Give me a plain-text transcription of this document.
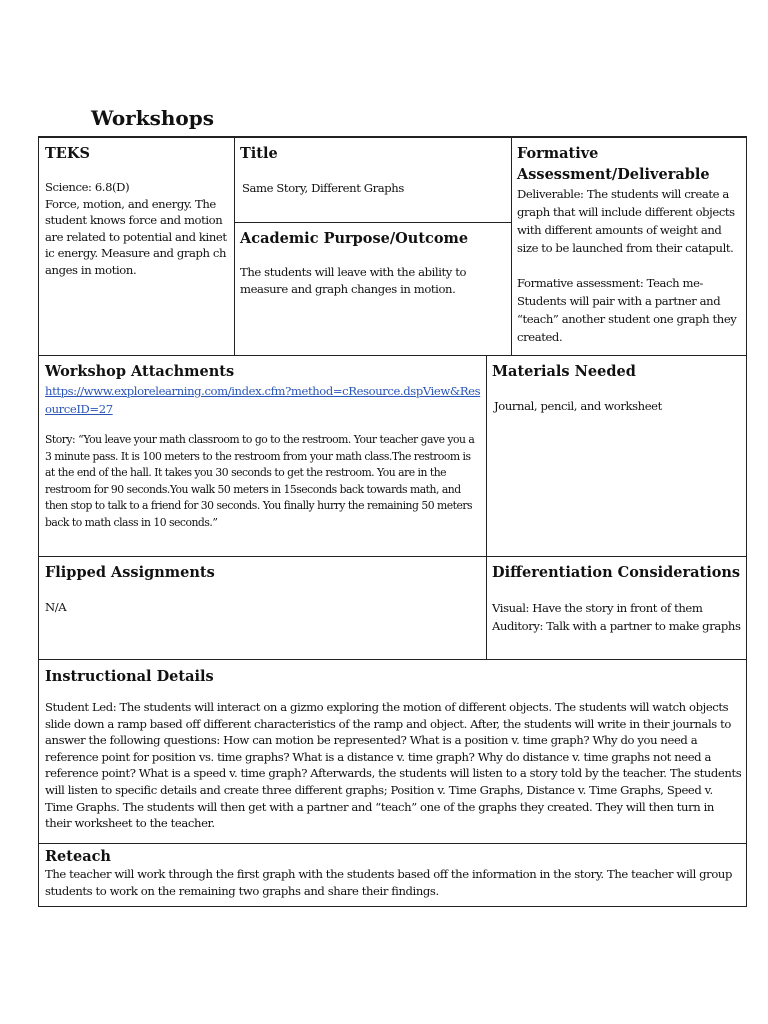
Workshops
TEKS

Science: 6.8(D)

Force, motion, and energy. The student knows force and motion are related to potential and kinet ic energy. Measure and graph ch anges in motion.

Title

Same Story, Different Graphs

Academic Purpose/Outcome

The students will leave with the ability to measure and graph changes in motion.

Formative Assessment/Deliverable

Deliverable: The students will create a graph that will include different objects with different amounts of weight and size to be launched from their catapult.

Formative assessment: Teach me- Students will pair with a partner and “teach” another student one graph they created.

Workshop Attachments
https://www.explorelearning.com/index.cfm?method=cResource.dspView&ResourceID=27

Story: “You leave your math classroom to go to the restroom. Your teacher gave you a 3 minute pass. It is 100 meters to the restroom from your math class.The restroom is at the end of the hall. It takes you 30 seconds to get the restroom. You are in the restroom for 90 seconds.You walk 50 meters in 15seconds back towards math, and then stop to talk to a friend for 30 seconds. You finally hurry the remaining 50 meters back to math class in 10 seconds.”

Materials Needed

Journal, pencil, and worksheet

Flipped Assignments

N/A

Differentiation Considerations

Visual: Have the story in front of them

Auditory: Talk with a partner to make graphs

Instructional Details

Student Led: The students will interact on a gizmo exploring the motion of different objects. The students will watch objects slide down a ramp based off different characteristics of the ramp and object. After, the students will write in their journals to answer the following questions: How can motion be represented? What is a position v. time graph? Why do you need a reference point for position vs. time graphs? What is a distance v. time graph? Why do distance v. time graphs not need a reference point? What is a speed v. time graph? Afterwards, the students will listen to a story told by the teacher. The students will listen to specific details and create three different graphs; Position v. Time Graphs, Distance v. Time Graphs, Speed v. Time Graphs. The students will then get with a partner and “teach” one of the graphs they created. They will then turn in their worksheet to the teacher.

Reteach

The teacher will work through the first graph with the students based off the information in the story. The teacher will group students to work on the remaining two graphs and share their findings.
